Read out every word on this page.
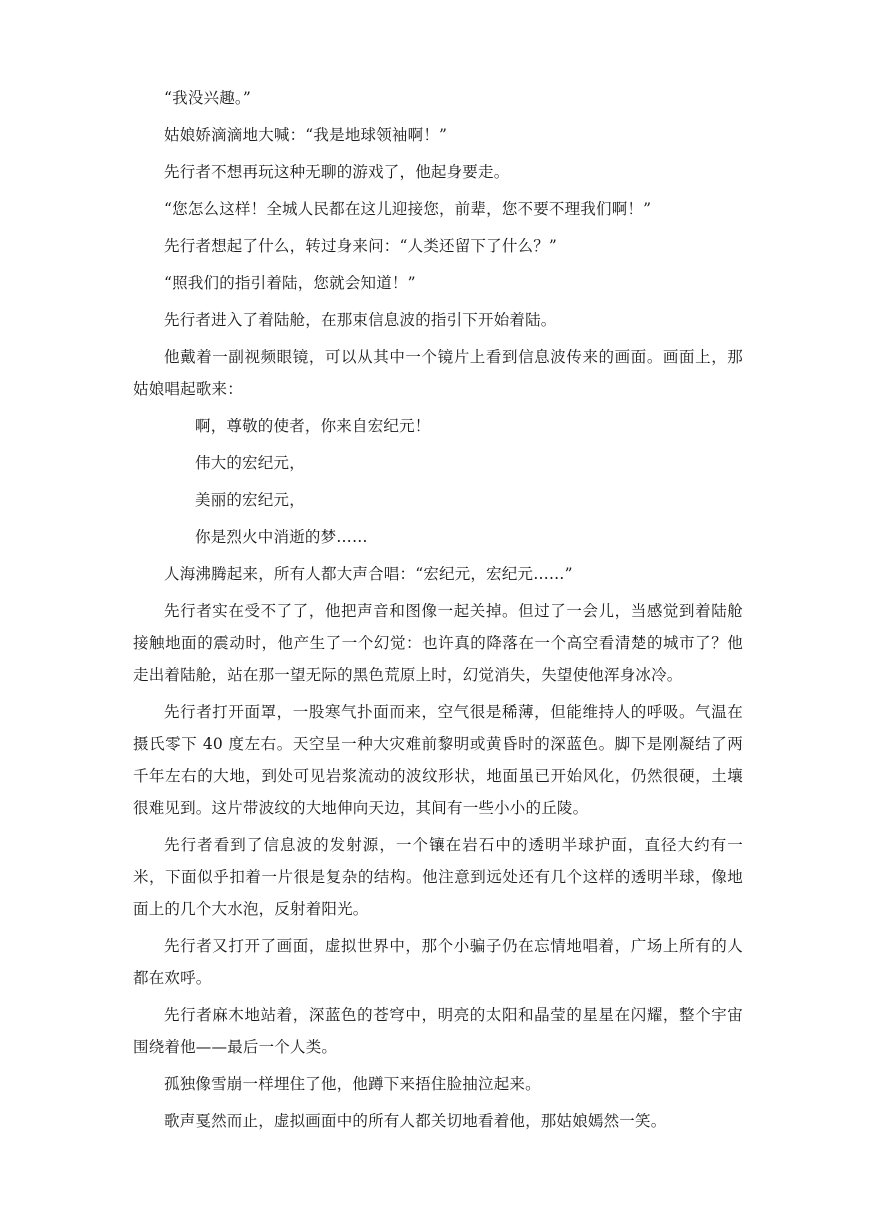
“我没兴趣。”

姑娘娇滴滴地大喊：“我是地球领袖啊！”

先行者不想再玩这种无聊的游戏了，他起身要走。

“您怎么这样！全城人民都在这儿迎接您，前辈，您不要不理我们啊！”

先行者想起了什么，转过身来问：“人类还留下了什么？”

“照我们的指引着陆，您就会知道！”

先行者进入了着陆舱，在那束信息波的指引下开始着陆。

他戴着一副视频眼镜，可以从其中一个镜片上看到信息波传来的画面。画面上，那姑娘唱起歌来：

啊，尊敬的使者，你来自宏纪元！
伟大的宏纪元，
美丽的宏纪元，
你是烈火中消逝的梦……

人海沸腾起来，所有人都大声合唱：“宏纪元，宏纪元……”

先行者实在受不了了，他把声音和图像一起关掉。但过了一会儿，当感觉到着陆舱接触地面的震动时，他产生了一个幻觉：也许真的降落在一个高空看清楚的城市了？他走出着陆舱，站在那一望无际的黑色荒原上时，幻觉消失，失望使他浑身冰冷。

先行者打开面罩，一股寒气扑面而来，空气很是稀薄，但能维持人的呼吸。气温在摄氏零下 40 度左右。天空呈一种大灾难前黎明或黄昏时的深蓝色。脚下是刚凝结了两千年左右的大地，到处可见岩浆流动的波纹形状，地面虽已开始风化，仍然很硬，土壤很难见到。这片带波纹的大地伸向天边，其间有一些小小的丘陵。

先行者看到了信息波的发射源，一个镶在岩石中的透明半球护面，直径大约有一米，下面似乎扣着一片很是复杂的结构。他注意到远处还有几个这样的透明半球，像地面上的几个大水泡，反射着阳光。

先行者又打开了画面，虚拟世界中，那个小骗子仍在忘情地唱着，广场上所有的人都在欢呼。

先行者麻木地站着，深蓝色的苍穹中，明亮的太阳和晶莹的星星在闪耀，整个宇宙围绕着他——最后一个人类。

孤独像雪崩一样埋住了他，他蹲下来捂住脸抽泣起来。

歌声戛然而止，虚拟画面中的所有人都关切地看着他，那姑娘嫣然一笑。
